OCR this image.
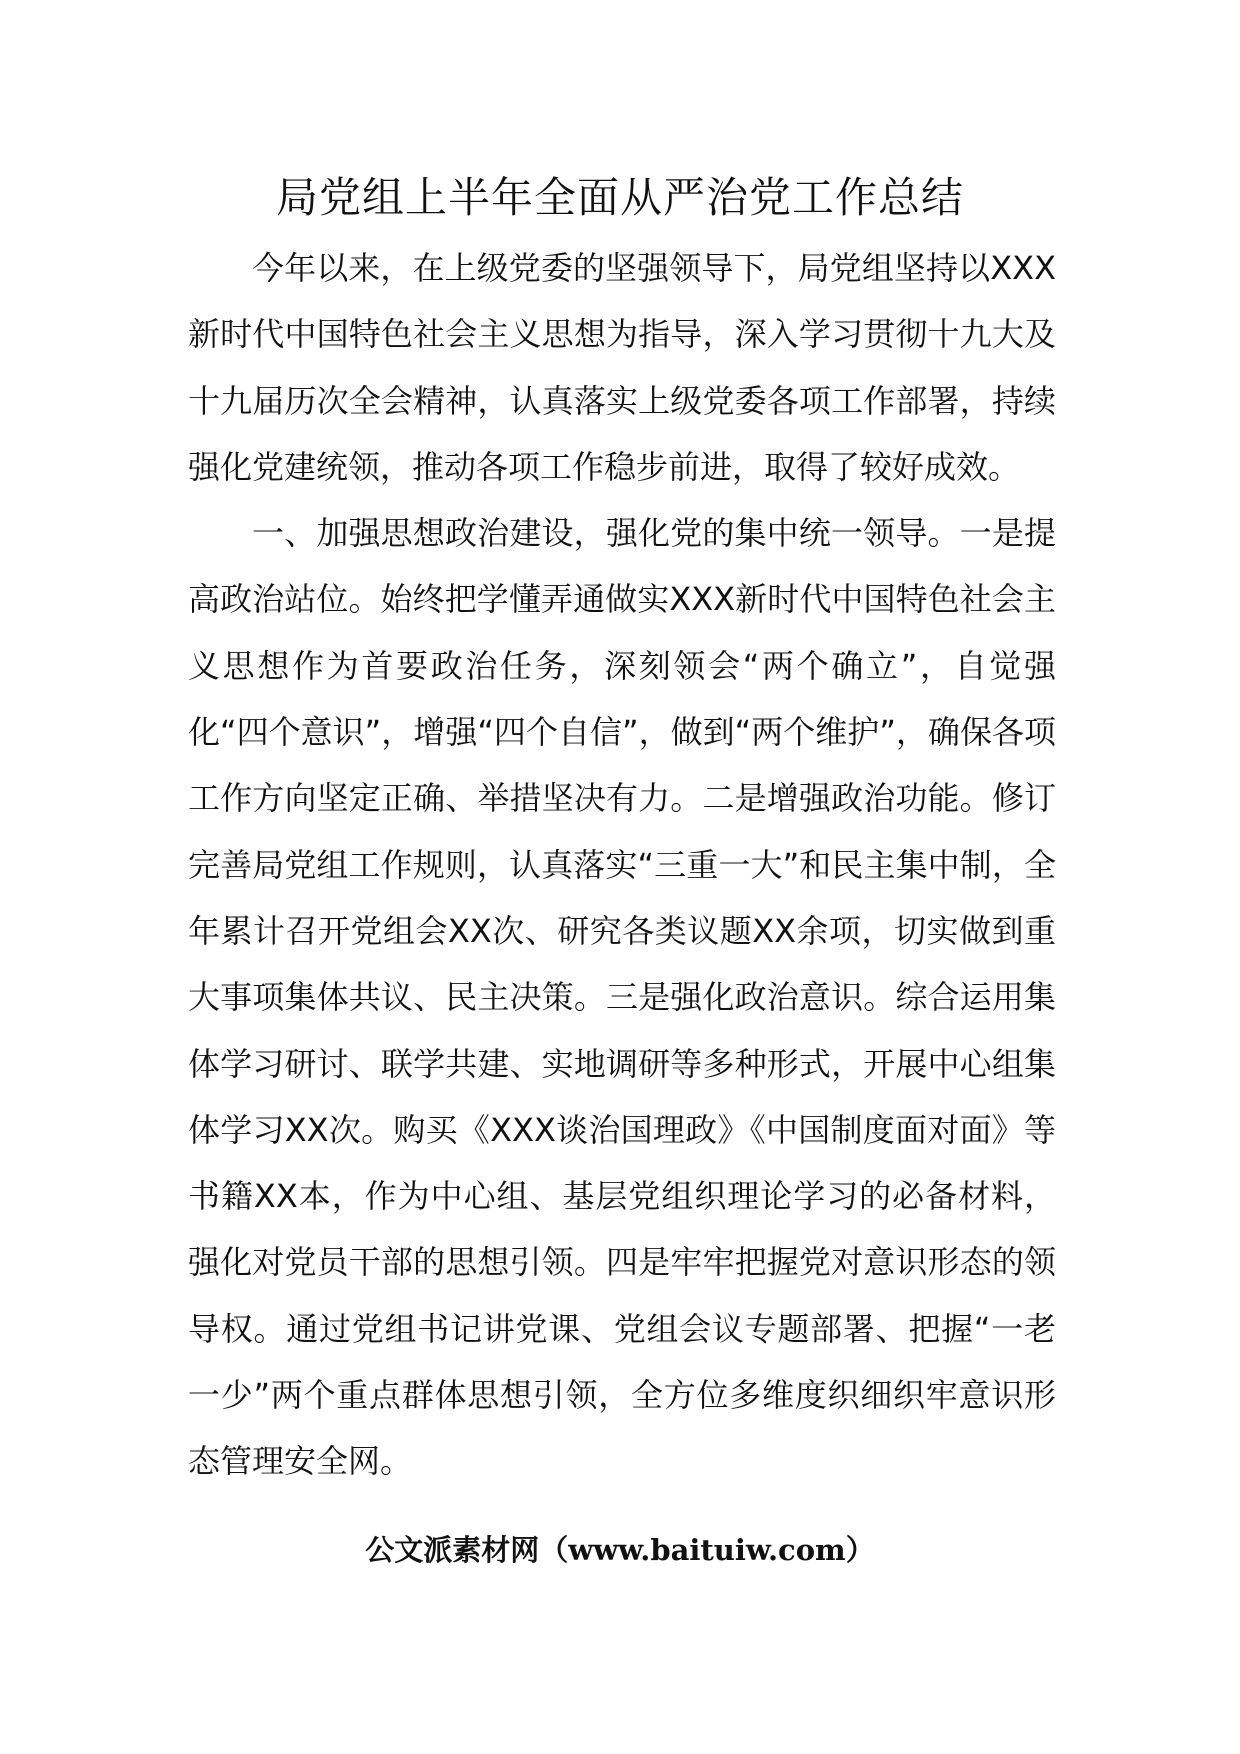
局党组上半年全面从严治党工作总结

今年以来，在上级党委的坚强领导下，局党组坚持以XXX新时代中国特色社会主义思想为指导，深入学习贯彻十九大及十九届历次全会精神，认真落实上级党委各项工作部署，持续强化党建统领，推动各项工作稳步前进，取得了较好成效。

一、加强思想政治建设，强化党的集中统一领导。一是提高政治站位。始终把学懂弄通做实XXX新时代中国特色社会主义思想作为首要政治任务，深刻领会“两个确立”，自觉强化“四个意识”，增强“四个自信”，做到“两个维护”，确保各项工作方向坚定正确、举措坚决有力。二是增强政治功能。修订完善局党组工作规则，认真落实“三重一大”和民主集中制，全年累计召开党组会XX次、研究各类议题XX余项，切实做到重大事项集体共议、民主决策。三是强化政治意识。综合运用集体学习研讨、联学共建、实地调研等多种形式，开展中心组集体学习XX次。购买《XXX谈治国理政》《中国制度面对面》等书籍XX本，作为中心组、基层党组织理论学习的必备材料，强化对党员干部的思想引领。四是牢牢把握党对意识形态的领导权。通过党组书记讲党课、党组会议专题部署、把握“一老一少”两个重点群体思想引领，全方位多维度织细织牢意识形态管理安全网。

公文派素材网（www.baituiw.com）
